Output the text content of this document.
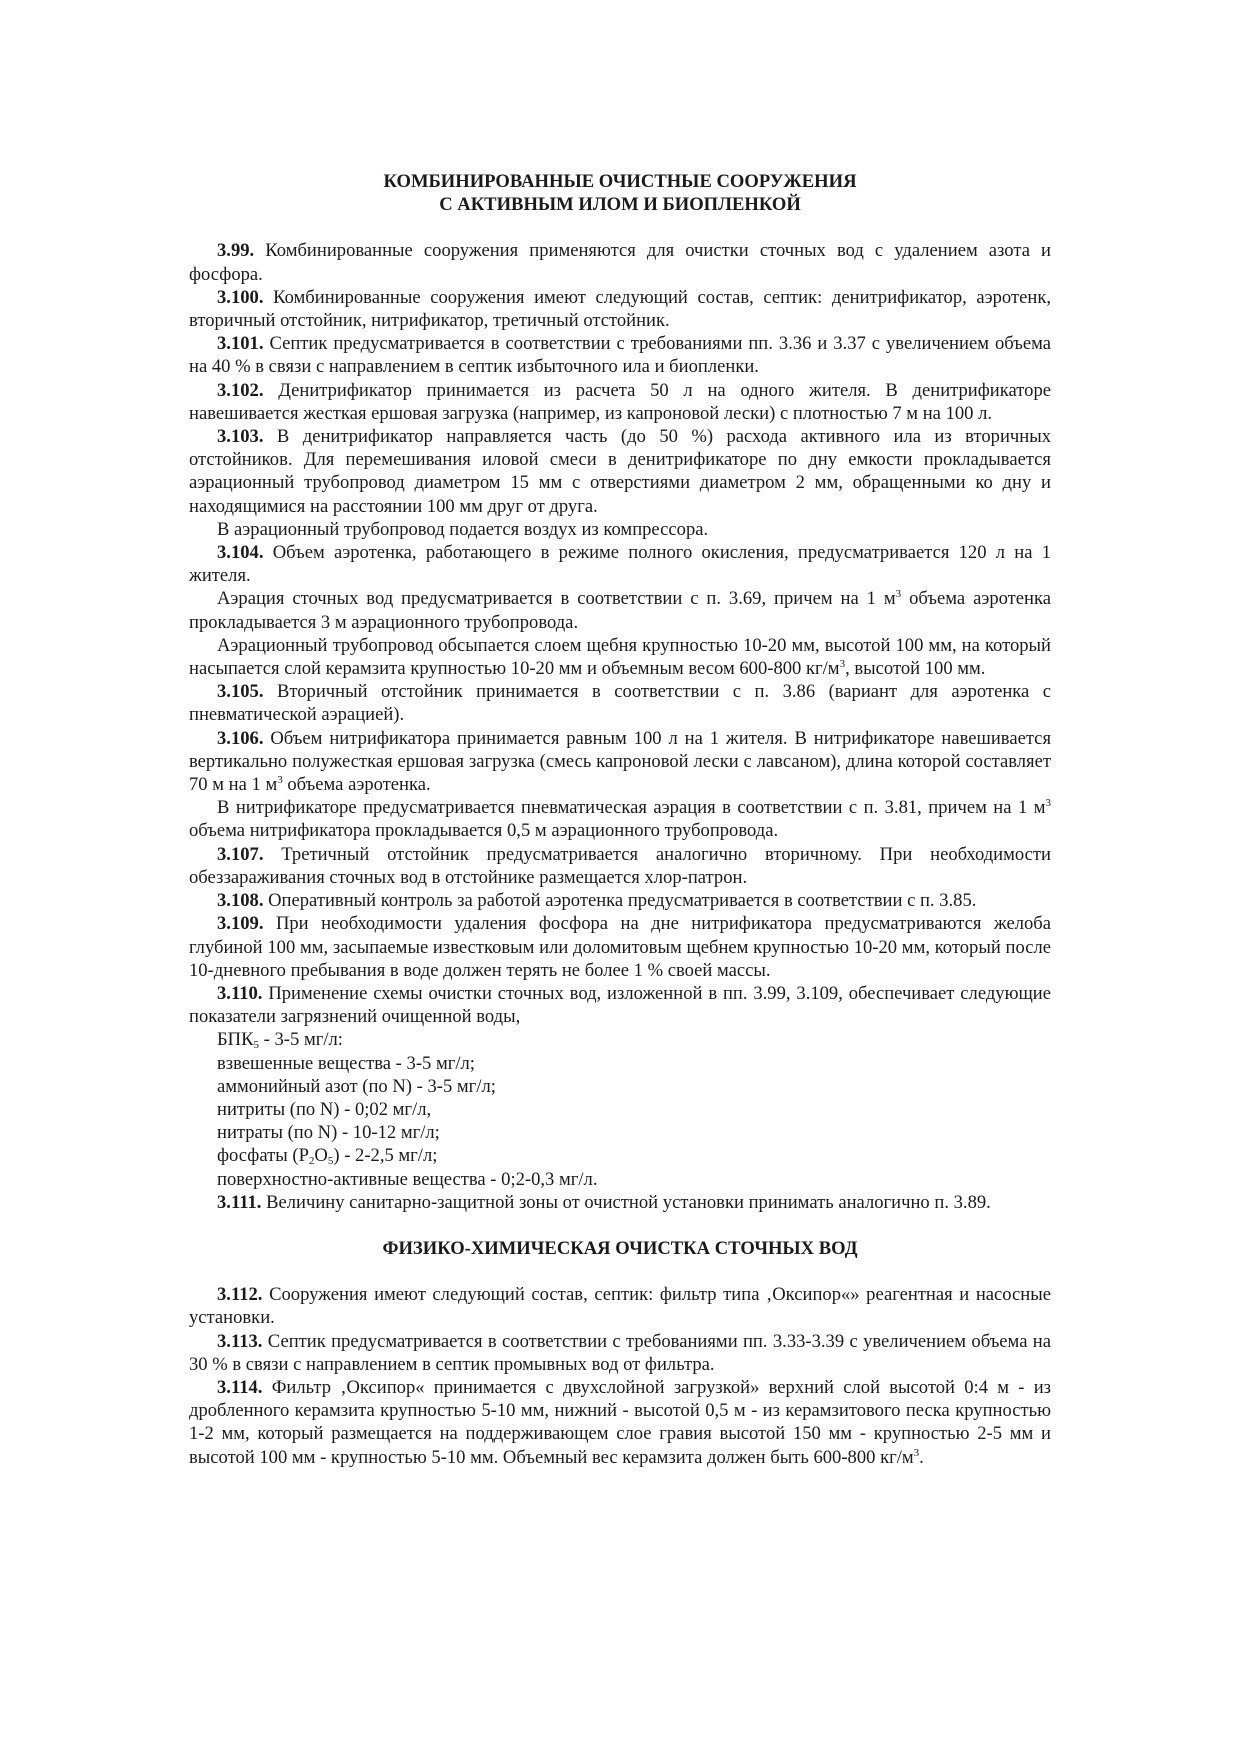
КОМБИНИРОВАННЫЕ ОЧИСТНЫЕ СООРУЖЕНИЯ
С АКТИВНЫМ ИЛОМ И БИОПЛЕНКОЙ

3.99. Комбинированные сооружения применяются для очистки сточных вод с удалением азота и фосфора.

3.100. Комбинированные сооружения имеют следующий состав, септик: денитрификатор, аэротенк, вторичный отстойник, нитрификатор, третичный отстойник.

3.101. Септик предусматривается в соответствии с требованиями пп. 3.36 и 3.37 с увеличением объема на 40 % в связи с направлением в септик избыточного ила и биопленки.

3.102. Денитрификатор принимается из расчета 50 л на одного жителя. В денитрификаторе навешивается жесткая ершовая загрузка (например, из капроновой лески) с плотностью 7 м на 100 л.

3.103. В денитрификатор направляется часть (до 50 %) расхода активного ила из вторичных отстойников. Для перемешивания иловой смеси в денитрификаторе по дну емкости прокладывается аэрационный трубопровод диаметром 15 мм с отверстиями диаметром 2 мм, обращенными ко дну и находящимися на расстоянии 100 мм друг от друга.

В аэрационный трубопровод подается воздух из компрессора.

3.104. Объем аэротенка, работающего в режиме полного окисления, предусматривается 120 л на 1 жителя.

Аэрация сточных вод предусматривается в соответствии с п. 3.69, причем на 1 $м^3$ объема аэротенка прокладывается 3 м аэрационного трубопровода.

Аэрационный трубопровод обсыпается слоем щебня крупностью 10-20 мм, высотой 100 мм, на который насыпается слой керамзита крупностью 10-20 мм и объемным весом 600-800 $кг/м^3$, высотой 100 мм.

3.105. Вторичный отстойник принимается в соответствии с п. 3.86 (вариант для аэротенка с пневматической аэрацией).

3.106. Объем нитрификатора принимается равным 100 л на 1 жителя. В нитрификаторе навешивается вертикально полужесткая ершовая загрузка (смесь капроновой лески с лавсаном), длина которой составляет 70 м на 1 $м^3$ объема аэротенка.

В нитрификаторе предусматривается пневматическая аэрация в соответствии с п. 3.81, причем на 1 $м^3$ объема нитрификатора прокладывается 0,5 м аэрационного трубопровода.

3.107. Третичный отстойник предусматривается аналогично вторичному. При необходимости обеззараживания сточных вод в отстойнике размещается хлор-патрон.

3.108. Оперативный контроль за работой аэротенка предусматривается в соответствии с п. 3.85.

3.109. При необходимости удаления фосфора на дне нитрификатора предусматриваются желоба глубиной 100 мм, засыпаемые известковым или доломитовым щебнем крупностью 10-20 мм, который после 10-дневного пребывания в воде должен терять не более 1 % своей массы.

3.110. Применение схемы очистки сточных вод, изложенной в пп. 3.99, 3.109, обеспечивает следующие показатели загрязнений очищенной воды,

$БПК_5 - 3-5$ мг/л:

взвешенные вещества - 3-5 мг/л;

аммонийный азот (по N) - 3-5 мг/л;

нитриты (по N) - 0;02 мг/л,

нитраты (по N) - 10-12 мг/л;

фосфаты $(P_2O_5) - 2-2,5$ мг/л;

поверхностно-активные вещества - 0;2-0,3 мг/л.

3.111. Величину санитарно-защитной зоны от очистной установки принимать аналогично п. 3.89.

ФИЗИКО-ХИМИЧЕСКАЯ ОЧИСТКА СТОЧНЫХ ВОД

3.112. Сооружения имеют следующий состав, септик: фильтр типа ‚Оксипор«» реагентная и насосные установки.

3.113. Септик предусматривается в соответствии с требованиями пп. 3.33-3.39 с увеличением объема на 30 % в связи с направлением в септик промывных вод от фильтра.

3.114. Фильтр ‚Оксипор« принимается с двухслойной загрузкой» верхний слой высотой 0:4 м - из дробленного керамзита крупностью 5-10 мм, нижний - высотой 0,5 м - из керамзитового песка крупностью 1-2 мм, который размещается на поддерживающем слое гравия высотой 150 мм - крупностью 2-5 мм и высотой 100 мм - крупностью 5-10 мм. Объемный вес керамзита должен быть 600-800 $кг/м^3$.
